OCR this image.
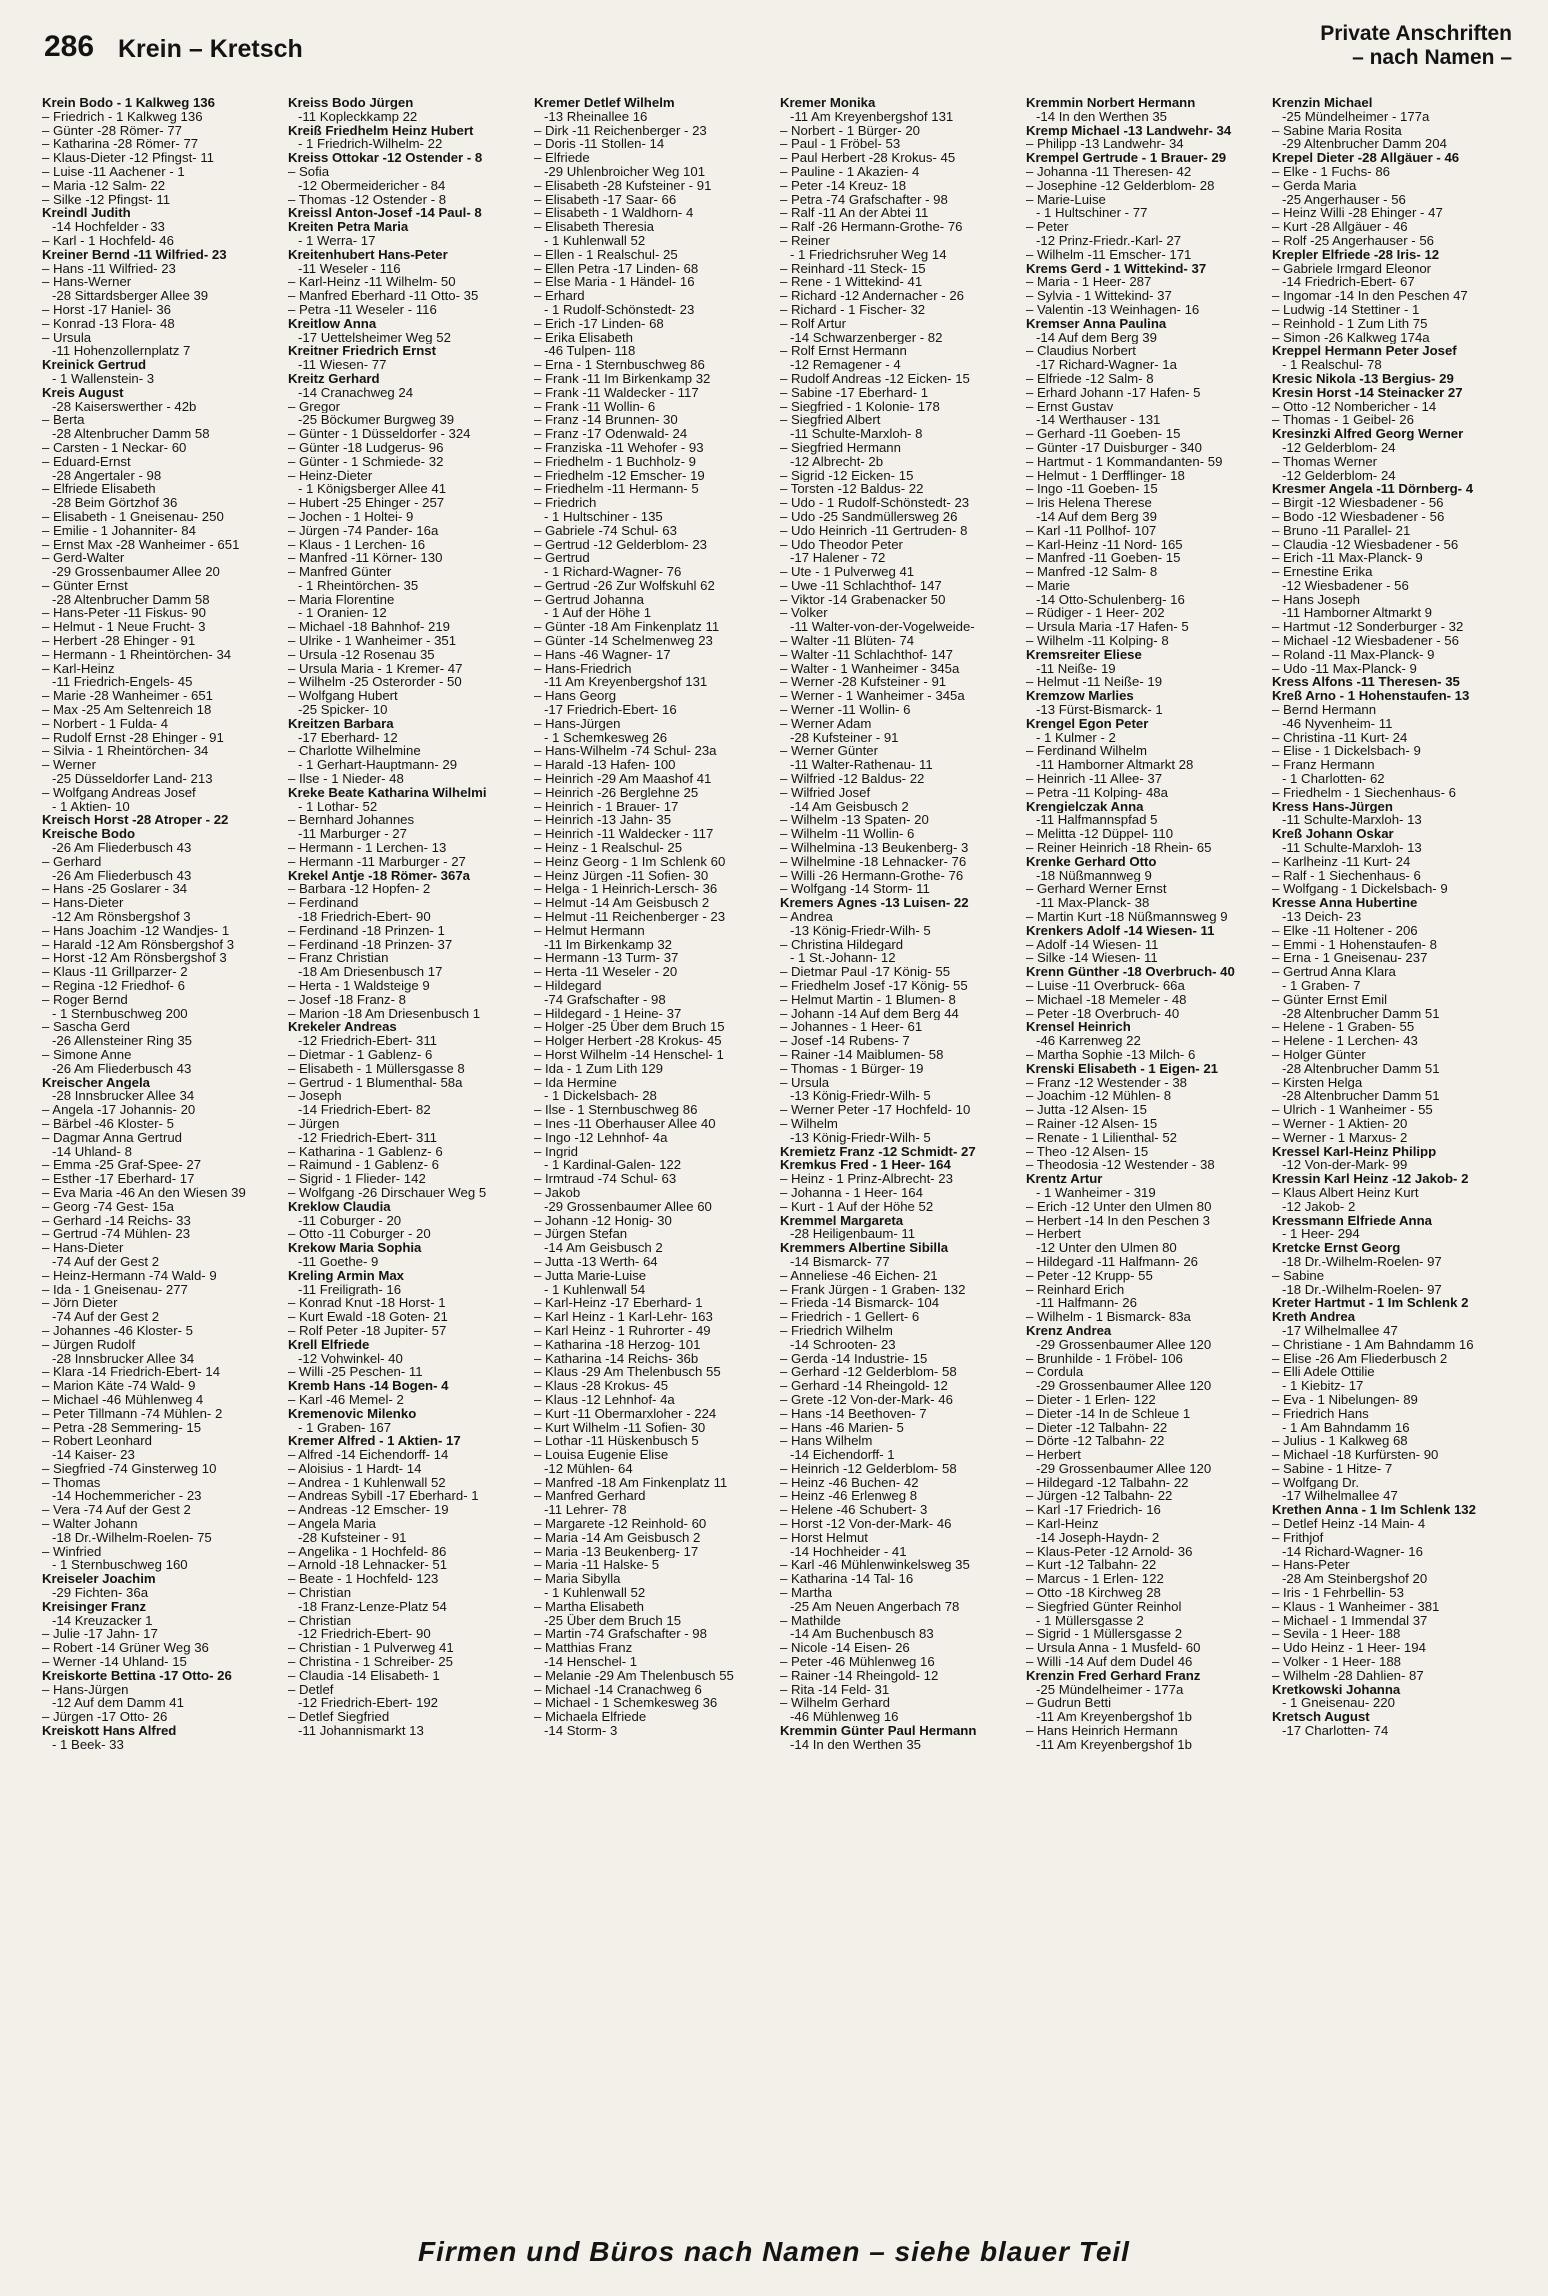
286 Krein – Kretsch
Private Anschriften
– nach Namen –
Krein Bodo - 1 Kalkweg 136
– Friedrich - 1 Kalkweg 136
– Günter -28 Römer- 77
– Katharina -28 Römer- 77
– Klaus-Dieter -12 Pfingst- 11
– Luise -11 Aachener - 1
– Maria -12 Salm- 22
– Silke -12 Pfingst- 11
Kreindl Judith
-14 Hochfelder - 33
– Karl - 1 Hochfeld- 46
Kreiner Bernd -11 Wilfried- 23
– Hans -11 Wilfried- 23
– Hans-Werner
-28 Sittardsberger Allee 39
– Horst -17 Haniel- 36
– Konrad -13 Flora- 48
– Ursula
-11 Hohenzollernplatz 7
Kreinick Gertrud
- 1 Wallenstein- 3
Kreis August
-28 Kaiserswerther - 42b
– Berta
-28 Altenbrucher Damm 58
– Carsten - 1 Neckar- 60
– Eduard-Ernst
-28 Angertaler - 98
– Elfriede Elisabeth
-28 Beim Görtzhof 36
– Elisabeth - 1 Gneisenau- 250
– Emilie - 1 Johanniter- 84
– Ernst Max -28 Wanheimer - 651
– Gerd-Walter
-29 Grossenbaumer Allee 20
– Günter Ernst
-28 Altenbrucher Damm 58
– Hans-Peter -11 Fiskus- 90
– Helmut - 1 Neue Frucht- 3
– Herbert -28 Ehinger - 91
– Hermann - 1 Rheintörchen- 34
– Karl-Heinz
-11 Friedrich-Engels- 45
– Marie -28 Wanheimer - 651
– Max -25 Am Seltenreich 18
– Norbert - 1 Fulda- 4
– Rudolf Ernst -28 Ehinger - 91
– Silvia - 1 Rheintörchen- 34
– Werner
-25 Düsseldorfer Land- 213
– Wolfgang Andreas Josef
- 1 Aktien- 10
Kreisch Horst -28 Atroper - 22
Kreische Bodo
-26 Am Fliederbusch 43
– Gerhard
-26 Am Fliederbusch 43
– Hans -25 Goslarer - 34
– Hans-Dieter
-12 Am Rönsbergshof 3
– Hans Joachim -12 Wandjes- 1
– Harald -12 Am Rönsbergshof 3
– Horst -12 Am Rönsbergshof 3
– Klaus -11 Grillparzer- 2
– Regina -12 Friedhof- 6
– Roger Bernd
- 1 Sternbuschweg 200
– Sascha Gerd
-26 Allensteiner Ring 35
– Simone Anne
-26 Am Fliederbusch 43
Kreischer Angela
-28 Innsbrucker Allee 34
– Angela -17 Johannis- 20
– Bärbel -46 Kloster- 5
– Dagmar Anna Gertrud
-14 Uhland- 8
– Emma -25 Graf-Spee- 27
– Esther -17 Eberhard- 17
– Eva Maria -46 An den Wiesen 39
– Georg -74 Gest- 15a
– Gerhard -14 Reichs- 33
– Gertrud -74 Mühlen- 23
– Hans-Dieter
-74 Auf der Gest 2
– Heinz-Hermann -74 Wald- 9
– Ida - 1 Gneisenau- 277
– Jörn Dieter
-74 Auf der Gest 2
– Johannes -46 Kloster- 5
– Jürgen Rudolf
-28 Innsbrucker Allee 34
– Klara -14 Friedrich-Ebert- 14
– Marion Käte -74 Wald- 9
– Michael -46 Mühlenweg 4
– Peter Tillmann -74 Mühlen- 2
– Petra -28 Semmering- 15
– Robert Leonhard
-14 Kaiser- 23
– Siegfried -74 Ginsterweg 10
– Thomas
-14 Hochemmericher - 23
– Vera -74 Auf der Gest 2
– Walter Johann
-18 Dr.-Wilhelm-Roelen- 75
– Winfried
- 1 Sternbuschweg 160
Kreiseler Joachim
-29 Fichten- 36a
Kreisinger Franz
-14 Kreuzacker 1
– Julie -17 Jahn- 17
– Robert -14 Grüner Weg 36
– Werner -14 Uhland- 15
Kreiskorte Bettina -17 Otto- 26
– Hans-Jürgen
-12 Auf dem Damm 41
– Jürgen -17 Otto- 26
Kreiskott Hans Alfred
- 1 Beek- 33
Kreiss Bodo Jürgen
-11 Kopleckkamp 22
Kreiß Friedhelm Heinz Hubert
- 1 Friedrich-Wilhelm- 22
Kreiss Ottokar -12 Ostender - 8
– Sofia
-12 Obermeidericher - 84
– Thomas -12 Ostender - 8
Kreissl Anton-Josef -14 Paul- 8
Kreiten Petra Maria
- 1 Werra- 17
Kreitenhubert Hans-Peter
-11 Weseler - 116
– Karl-Heinz -11 Wilhelm- 50
– Manfred Eberhard -11 Otto- 35
– Petra -11 Weseler - 116
Kreitlow Anna
-17 Uettelsheimer Weg 52
Kreitner Friedrich Ernst
-11 Wiesen- 77
Kreitz Gerhard
-14 Cranachweg 24
– Gregor
-25 Böckumer Burgweg 39
– Günter - 1 Düsseldorfer - 324
– Günter -18 Ludgerus- 96
– Günter - 1 Schmiede- 32
– Heinz-Dieter
- 1 Königsberger Allee 41
– Hubert -25 Ehinger - 257
– Jochen - 1 Holtei- 9
– Jürgen -74 Pander- 16a
– Klaus - 1 Lerchen- 16
– Manfred -11 Körner- 130
– Manfred Günter
- 1 Rheintörchen- 35
– Maria Florentine
- 1 Oranien- 12
– Michael -18 Bahnhof- 219
– Ulrike - 1 Wanheimer - 351
– Ursula -12 Rosenau 35
– Ursula Maria - 1 Kremer- 47
– Wilhelm -25 Osterorder - 50
– Wolfgang Hubert
-25 Spicker- 10
Kreitzen Barbara
-17 Eberhard- 12
– Charlotte Wilhelmine
- 1 Gerhart-Hauptmann- 29
– Ilse - 1 Nieder- 48
Kreke Beate Katharina Wilhelmi
- 1 Lothar- 52
– Bernhard Johannes
-11 Marburger - 27
– Hermann - 1 Lerchen- 13
– Hermann -11 Marburger - 27
Krekel Antje -18 Römer- 367a
– Barbara -12 Hopfen- 2
– Ferdinand
-18 Friedrich-Ebert- 90
– Ferdinand -18 Prinzen- 1
– Ferdinand -18 Prinzen- 37
– Franz Christian
-18 Am Driesenbusch 17
– Herta - 1 Waldsteige 9
– Josef -18 Franz- 8
– Marion -18 Am Driesenbusch 1
Krekeler Andreas
-12 Friedrich-Ebert- 311
– Dietmar - 1 Gablenz- 6
– Elisabeth - 1 Müllersgasse 8
– Gertrud - 1 Blumenthal- 58a
– Joseph
-14 Friedrich-Ebert- 82
– Jürgen
-12 Friedrich-Ebert- 311
– Katharina - 1 Gablenz- 6
– Raimund - 1 Gablenz- 6
– Sigrid - 1 Flieder- 142
– Wolfgang -26 Dirschauer Weg 5
Kreklow Claudia
-11 Coburger - 20
– Otto -11 Coburger - 20
Krekow Maria Sophia
-11 Goethe- 9
Kreling Armin Max
-11 Freiligrath- 16
– Konrad Knut -18 Horst- 1
– Kurt Ewald -18 Goten- 21
– Rolf Peter -18 Jupiter- 57
Krell Elfriede
-12 Vohwinkel- 40
– Willi -25 Peschen- 11
Kremb Hans -14 Bogen- 4
– Karl -46 Memel- 2
Kremenovic Milenko
- 1 Graben- 167
Kremer Alfred - 1 Aktien- 17
– Alfred -14 Eichendorff- 14
– Aloisius - 1 Hardt- 14
– Andrea - 1 Kuhlenwall 52
– Andreas Sybill -17 Eberhard- 1
– Andreas -12 Emscher- 19
– Angela Maria
-28 Kufsteiner - 91
– Angelika - 1 Hochfeld- 86
– Arnold -18 Lehnacker- 51
– Beate - 1 Hochfeld- 123
– Christian
-18 Franz-Lenze-Platz 54
– Christian
-12 Friedrich-Ebert- 90
– Christian - 1 Pulverweg 41
– Christina - 1 Schreiber- 25
– Claudia -14 Elisabeth- 1
– Detlef
-12 Friedrich-Ebert- 192
– Detlef Siegfried
-11 Johannismarkt 13
Kremer Detlef Wilhelm
-13 Rheinallee 16
– Dirk -11 Reichenberger - 23
– Doris -11 Stollen- 14
– Elfriede
-29 Uhlenbroicher Weg 101
– Elisabeth -28 Kufsteiner - 91
– Elisabeth -17 Saar- 66
– Elisabeth - 1 Waldhorn- 4
– Elisabeth Theresia
- 1 Kuhlenwall 52
– Ellen - 1 Realschul- 25
– Ellen Petra -17 Linden- 68
– Else Maria - 1 Händel- 16
– Erhard
- 1 Rudolf-Schönstedt- 23
– Erich -17 Linden- 68
– Erika Elisabeth
-46 Tulpen- 118
– Erna - 1 Sternbuschweg 86
– Frank -11 Im Birkenkamp 32
– Frank -11 Waldecker - 117
– Frank -11 Wollin- 6
– Franz -14 Brunnen- 30
– Franz -17 Odenwald- 24
– Franziska -11 Wehofer - 93
– Friedhelm - 1 Buchholz- 9
– Friedhelm -12 Emscher- 19
– Friedhelm -11 Hermann- 5
– Friedrich
- 1 Hultschiner - 135
– Gabriele -74 Schul- 63
– Gertrud -12 Gelderblom- 23
– Gertrud
- 1 Richard-Wagner- 76
– Gertrud -26 Zur Wolfskuhl 62
– Gertrud Johanna
- 1 Auf der Höhe 1
– Günter -18 Am Finkenplatz 11
– Günter -14 Schelmenweg 23
– Hans -46 Wagner- 17
– Hans-Friedrich
-11 Am Kreyenbergshof 131
– Hans Georg
-17 Friedrich-Ebert- 16
– Hans-Jürgen
- 1 Schemkesweg 26
– Hans-Wilhelm -74 Schul- 23a
– Harald -13 Hafen- 100
– Heinrich -29 Am Maashof 41
– Heinrich -26 Berglehne 25
– Heinrich - 1 Brauer- 17
– Heinrich -13 Jahn- 35
– Heinrich -11 Waldecker - 117
– Heinz - 1 Realschul- 25
– Heinz Georg - 1 Im Schlenk 60
– Heinz Jürgen -11 Sofien- 30
– Helga - 1 Heinrich-Lersch- 36
– Helmut -14 Am Geisbusch 2
– Helmut -11 Reichenberger - 23
– Helmut Hermann
-11 Im Birkenkamp 32
– Hermann -13 Turm- 37
– Herta -11 Weseler - 20
– Hildegard
-74 Grafschafter - 98
– Hildegard - 1 Heine- 37
– Holger -25 Über dem Bruch 15
– Holger Herbert -28 Krokus- 45
– Horst Wilhelm -14 Henschel- 1
– Ida - 1 Zum Lith 129
– Ida Hermine
- 1 Dickelsbach- 28
– Ilse - 1 Sternbuschweg 86
– Ines -11 Oberhauser Allee 40
– Ingo -12 Lehnhof- 4a
– Ingrid
- 1 Kardinal-Galen- 122
– Irmtraud -74 Schul- 63
– Jakob
-29 Grossenbaumer Allee 60
– Johann -12 Honig- 30
– Jürgen Stefan
-14 Am Geisbusch 2
– Jutta -13 Werth- 64
– Jutta Marie-Luise
- 1 Kuhlenwall 54
– Karl-Heinz -17 Eberhard- 1
– Karl Heinz - 1 Karl-Lehr- 163
– Karl Heinz - 1 Ruhrorter - 49
– Katharina -18 Herzog- 101
– Katharina -14 Reichs- 36b
– Klaus -29 Am Thelenbusch 55
– Klaus -28 Krokus- 45
– Klaus -12 Lehnhof- 4a
– Kurt -11 Obermarxloher - 224
– Kurt Wilhelm -11 Sofien- 30
– Lothar -11 Hüskenbusch 5
– Louisa Eugenie Elise
-12 Mühlen- 64
– Manfred -18 Am Finkenplatz 11
– Manfred Gerhard
-11 Lehrer- 78
– Margarete -12 Reinhold- 60
– Maria -14 Am Geisbusch 2
– Maria -13 Beukenberg- 17
– Maria -11 Halske- 5
– Maria Sibylla
- 1 Kuhlenwall 52
– Martha Elisabeth
-25 Über dem Bruch 15
– Martin -74 Grafschafter - 98
– Matthias Franz
-14 Henschel- 1
– Melanie -29 Am Thelenbusch 55
– Michael -14 Cranachweg 6
– Michael - 1 Schemkesweg 36
– Michaela Elfriede
-14 Storm- 3
Kremer Monika
-11 Am Kreyenbergshof 131
– Norbert - 1 Bürger- 20
– Paul - 1 Fröbel- 53
– Paul Herbert -28 Krokus- 45
– Pauline - 1 Akazien- 4
– Peter -14 Kreuz- 18
– Petra -74 Grafschafter - 98
– Ralf -11 An der Abtei 11
– Ralf -26 Hermann-Grothe- 76
– Reiner
- 1 Friedrichsruher Weg 14
– Reinhard -11 Steck- 15
– Rene - 1 Wittekind- 41
– Richard -12 Andernacher - 26
– Richard - 1 Fischer- 32
– Rolf Artur
-14 Schwarzenberger - 82
– Rolf Ernst Hermann
-12 Remagener - 4
– Rudolf Andreas -12 Eicken- 15
– Sabine -17 Eberhard- 1
– Siegfried - 1 Kolonie- 178
– Siegfried Albert
-11 Schulte-Marxloh- 8
– Siegfried Hermann
-12 Albrecht- 2b
– Sigrid -12 Eicken- 15
– Torsten -12 Baldus- 22
– Udo - 1 Rudolf-Schönstedt- 23
– Udo -25 Sandmüllersweg 26
– Udo Heinrich -11 Gertruden- 8
– Udo Theodor Peter
-17 Halener - 72
– Ute - 1 Pulverweg 41
– Uwe -11 Schlachthof- 147
– Viktor -14 Grabenacker 50
– Volker
-11 Walter-von-der-Vogelweide-
– Walter -11 Blüten- 74
– Walter -11 Schlachthof- 147
– Walter - 1 Wanheimer - 345a
– Werner -28 Kufsteiner - 91
– Werner - 1 Wanheimer - 345a
– Werner -11 Wollin- 6
– Werner Adam
-28 Kufsteiner - 91
– Werner Günter
-11 Walter-Rathenau- 11
– Wilfried -12 Baldus- 22
– Wilfried Josef
-14 Am Geisbusch 2
– Wilhelm -13 Spaten- 20
– Wilhelm -11 Wollin- 6
– Wilhelmina -13 Beukenberg- 3
– Wilhelmine -18 Lehnacker- 76
– Willi -26 Hermann-Grothe- 76
– Wolfgang -14 Storm- 11
Kremers Agnes -13 Luisen- 22
– Andrea
-13 König-Friedr-Wilh- 5
– Christina Hildegard
- 1 St.-Johann- 12
– Dietmar Paul -17 König- 55
– Friedhelm Josef -17 König- 55
– Helmut Martin - 1 Blumen- 8
– Johann -14 Auf dem Berg 44
– Johannes - 1 Heer- 61
– Josef -14 Rubens- 7
– Rainer -14 Maiblumen- 58
– Thomas - 1 Bürger- 19
– Ursula
-13 König-Friedr-Wilh- 5
– Werner Peter -17 Hochfeld- 10
– Wilhelm
-13 König-Friedr-Wilh- 5
Kremietz Franz -12 Schmidt- 27
Kremkus Fred - 1 Heer- 164
– Heinz - 1 Prinz-Albrecht- 23
– Johanna - 1 Heer- 164
– Kurt - 1 Auf der Höhe 52
Kremmel Margareta
-28 Heiligenbaum- 11
Kremmers Albertine Sibilla
-14 Bismarck- 77
– Anneliese -46 Eichen- 21
– Frank Jürgen - 1 Graben- 132
– Frieda -14 Bismarck- 104
– Friedrich - 1 Gellert- 6
– Friedrich Wilhelm
-14 Schrooten- 23
– Gerda -14 Industrie- 15
– Gerhard -12 Gelderblom- 58
– Gerhard -14 Rheingold- 12
– Grete -12 Von-der-Mark- 46
– Hans -14 Beethoven- 7
– Hans -46 Marien- 5
– Hans Wilhelm
-14 Eichendorff- 1
– Heinrich -12 Gelderblom- 58
– Heinz -46 Buchen- 42
– Heinz -46 Erlenweg 8
– Helene -46 Schubert- 3
– Horst -12 Von-der-Mark- 46
– Horst Helmut
-14 Hochheider - 41
– Karl -46 Mühlenwinkelsweg 35
– Katharina -14 Tal- 16
– Martha
-25 Am Neuen Angerbach 78
– Mathilde
-14 Am Buchenbusch 83
– Nicole -14 Eisen- 26
– Peter -46 Mühlenweg 16
– Rainer -14 Rheingold- 12
– Rita -14 Feld- 31
– Wilhelm Gerhard
-46 Mühlenweg 16
Kremmin Günter Paul Hermann
-14 In den Werthen 35
Kremmin Norbert Hermann
-14 In den Werthen 35
Kremp Michael -13 Landwehr- 34
– Philipp -13 Landwehr- 34
Krempel Gertrude - 1 Brauer- 29
– Johanna -11 Theresen- 42
– Josephine -12 Gelderblom- 28
– Marie-Luise
- 1 Hultschiner - 77
– Peter
-12 Prinz-Friedr.-Karl- 27
– Wilhelm -11 Emscher- 171
Krems Gerd - 1 Wittekind- 37
– Maria - 1 Heer- 287
– Sylvia - 1 Wittekind- 37
– Valentin -13 Weinhagen- 16
Kremser Anna Paulina
-14 Auf dem Berg 39
– Claudius Norbert
-17 Richard-Wagner- 1a
– Elfriede -12 Salm- 8
– Erhard Johann -17 Hafen- 5
– Ernst Gustav
-14 Werthauser - 131
– Gerhard -11 Goeben- 15
– Günter -17 Duisburger - 340
– Hartmut - 1 Kommandanten- 59
– Helmut - 1 Derfflinger- 18
– Ingo -11 Goeben- 15
– Iris Helena Therese
-14 Auf dem Berg 39
– Karl -11 Pollhof- 107
– Karl-Heinz -11 Nord- 165
– Manfred -11 Goeben- 15
– Manfred -12 Salm- 8
– Marie
-14 Otto-Schulenberg- 16
– Rüdiger - 1 Heer- 202
– Ursula Maria -17 Hafen- 5
– Wilhelm -11 Kolping- 8
Kremsreiter Eliese
-11 Neiße- 19
– Helmut -11 Neiße- 19
Kremzow Marlies
-13 Fürst-Bismarck- 1
Krengel Egon Peter
- 1 Kulmer - 2
– Ferdinand Wilhelm
-11 Hamborner Altmarkt 28
– Heinrich -11 Allee- 37
– Petra -11 Kolping- 48a
Krengielczak Anna
-11 Halfmannspfad 5
– Melitta -12 Düppel- 110
– Reiner Heinrich -18 Rhein- 65
Krenke Gerhard Otto
-18 Nüßmannweg 9
– Gerhard Werner Ernst
-11 Max-Planck- 38
– Martin Kurt -18 Nüßmannsweg 9
Krenkers Adolf -14 Wiesen- 11
– Adolf -14 Wiesen- 11
– Silke -14 Wiesen- 11
Krenn Günther -18 Overbruch- 40
– Luise -11 Overbruck- 66a
– Michael -18 Memeler - 48
– Peter -18 Overbruch- 40
Krensel Heinrich
-46 Karrenweg 22
– Martha Sophie -13 Milch- 6
Krenski Elisabeth - 1 Eigen- 21
– Franz -12 Westender - 38
– Joachim -12 Mühlen- 8
– Jutta -12 Alsen- 15
– Rainer -12 Alsen- 15
– Renate - 1 Lilienthal- 52
– Theo -12 Alsen- 15
– Theodosia -12 Westender - 38
Krentz Artur
- 1 Wanheimer - 319
– Erich -12 Unter den Ulmen 80
– Herbert -14 In den Peschen 3
– Herbert
-12 Unter den Ulmen 80
– Hildegard -11 Halfmann- 26
– Peter -12 Krupp- 55
– Reinhard Erich
-11 Halfmann- 26
– Wilhelm - 1 Bismarck- 83a
Krenz Andrea
-29 Grossenbaumer Allee 120
– Brunhilde - 1 Fröbel- 106
– Cordula
-29 Grossenbaumer Allee 120
– Dieter - 1 Erlen- 122
– Dieter -14 In de Schleue 1
– Dieter -12 Talbahn- 22
– Dörte -12 Talbahn- 22
– Herbert
-29 Grossenbaumer Allee 120
– Hildegard -12 Talbahn- 22
– Jürgen -12 Talbahn- 22
– Karl -17 Friedrich- 16
– Karl-Heinz
-14 Joseph-Haydn- 2
– Klaus-Peter -12 Arnold- 36
– Kurt -12 Talbahn- 22
– Marcus - 1 Erlen- 122
– Otto -18 Kirchweg 28
– Siegfried Günter Reinhol
- 1 Müllersgasse 2
– Sigrid - 1 Müllersgasse 2
– Ursula Anna - 1 Musfeld- 60
– Willi -14 Auf dem Dudel 46
Krenzin Fred Gerhard Franz
-25 Mündelheimer - 177a
– Gudrun Betti
-11 Am Kreyenbergshof 1b
– Hans Heinrich Hermann
-11 Am Kreyenbergshof 1b
Krenzin Michael
-25 Mündelheimer - 177a
– Sabine Maria Rosita
-29 Altenbrucher Damm 204
Krepel Dieter -28 Allgäuer - 46
– Elke - 1 Fuchs- 86
– Gerda Maria
-25 Angerhauser - 56
– Heinz Willi -28 Ehinger - 47
– Kurt -28 Allgäuer - 46
– Rolf -25 Angerhauser - 56
Krepler Elfriede -28 Iris- 12
– Gabriele Irmgard Eleonor
-14 Friedrich-Ebert- 67
– Ingomar -14 In den Peschen 47
– Ludwig -14 Stettiner - 1
– Reinhold - 1 Zum Lith 75
– Simon -26 Kalkweg 174a
Kreppel Hermann Peter Josef
- 1 Realschul- 78
Kresic Nikola -13 Bergius- 29
Kresin Horst -14 Steinacker 27
– Otto -12 Nombericher - 14
– Thomas - 1 Geibel- 26
Kresinzki Alfred Georg Werner
-12 Gelderblom- 24
– Thomas Werner
-12 Gelderblom- 24
Kresmer Angela -11 Dörnberg- 4
– Birgit -12 Wiesbadener - 56
– Bodo -12 Wiesbadener - 56
– Bruno -11 Parallel- 21
– Claudia -12 Wiesbadener - 56
– Erich -11 Max-Planck- 9
– Ernestine Erika
-12 Wiesbadener - 56
– Hans Joseph
-11 Hamborner Altmarkt 9
– Hartmut -12 Sonderburger - 32
– Michael -12 Wiesbadener - 56
– Roland -11 Max-Planck- 9
– Udo -11 Max-Planck- 9
Kress Alfons -11 Theresen- 35
Kreß Arno - 1 Hohenstaufen- 13
– Bernd Hermann
-46 Nyvenheim- 11
– Christina -11 Kurt- 24
– Elise - 1 Dickelsbach- 9
– Franz Hermann
- 1 Charlotten- 62
– Friedhelm - 1 Siechenhaus- 6
Kress Hans-Jürgen
-11 Schulte-Marxloh- 13
Kreß Johann Oskar
-11 Schulte-Marxloh- 13
– Karlheinz -11 Kurt- 24
– Ralf - 1 Siechenhaus- 6
– Wolfgang - 1 Dickelsbach- 9
Kresse Anna Hubertine
-13 Deich- 23
– Elke -11 Holtener - 206
– Emmi - 1 Hohenstaufen- 8
– Erna - 1 Gneisenau- 237
– Gertrud Anna Klara
- 1 Graben- 7
– Günter Ernst Emil
-28 Altenbrucher Damm 51
– Helene - 1 Graben- 55
– Helene - 1 Lerchen- 43
– Holger Günter
-28 Altenbrucher Damm 51
– Kirsten Helga
-28 Altenbrucher Damm 51
– Ulrich - 1 Wanheimer - 55
– Werner - 1 Aktien- 20
– Werner - 1 Marxus- 2
Kressel Karl-Heinz Philipp
-12 Von-der-Mark- 99
Kressin Karl Heinz -12 Jakob- 2
– Klaus Albert Heinz Kurt
-12 Jakob- 2
Kressmann Elfriede Anna
- 1 Heer- 294
Kretcke Ernst Georg
-18 Dr.-Wilhelm-Roelen- 97
– Sabine
-18 Dr.-Wilhelm-Roelen- 97
Kreter Hartmut - 1 Im Schlenk 2
Kreth Andrea
-17 Wilhelmallee 47
– Christiane - 1 Am Bahndamm 16
– Elise -26 Am Fliederbusch 2
– Elli Adele Ottilie
- 1 Kiebitz- 17
– Eva - 1 Nibelungen- 89
– Friedrich Hans
- 1 Am Bahndamm 16
– Julius - 1 Kalkweg 68
– Michael -18 Kurfürsten- 90
– Sabine - 1 Hitze- 7
– Wolfgang Dr.
-17 Wilhelmallee 47
Krethen Anna - 1 Im Schlenk 132
– Detlef Heinz -14 Main- 4
– Frithjof
-14 Richard-Wagner- 16
– Hans-Peter
-28 Am Steinbergshof 20
– Iris - 1 Fehrbellin- 53
– Klaus - 1 Wanheimer - 381
– Michael - 1 Immendal 37
– Sevila - 1 Heer- 188
– Udo Heinz - 1 Heer- 194
– Volker - 1 Heer- 188
– Wilhelm -28 Dahlien- 87
Kretkowski Johanna
- 1 Gneisenau- 220
Kretsch August
-17 Charlotten- 74
Firmen und Büros nach Namen – siehe blauer Teil
